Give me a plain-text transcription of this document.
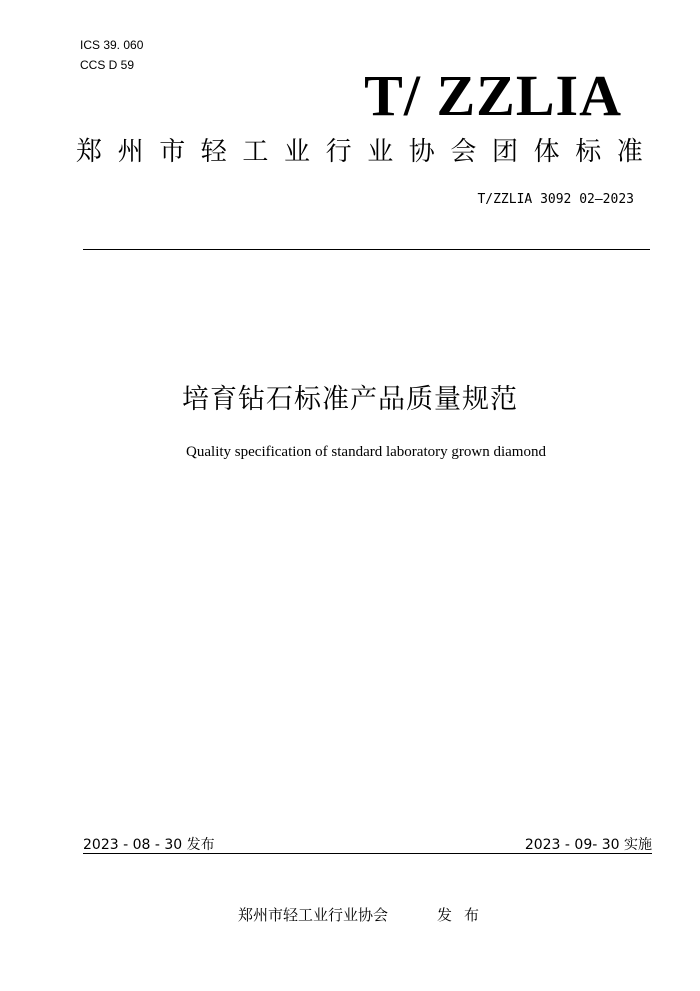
ICS 39. 060
CCS D 59	T/ ZZLIA
郑州市轻工业行业协会团体标准
T/ZZLIA 3092 02—2023
培育钻石标准产品质量规范
Quality specification of standard laboratory grown diamond
2023 - 08 - 30 发布	2023 - 09- 30 实施
郑州市轻工业行业协会	发布
